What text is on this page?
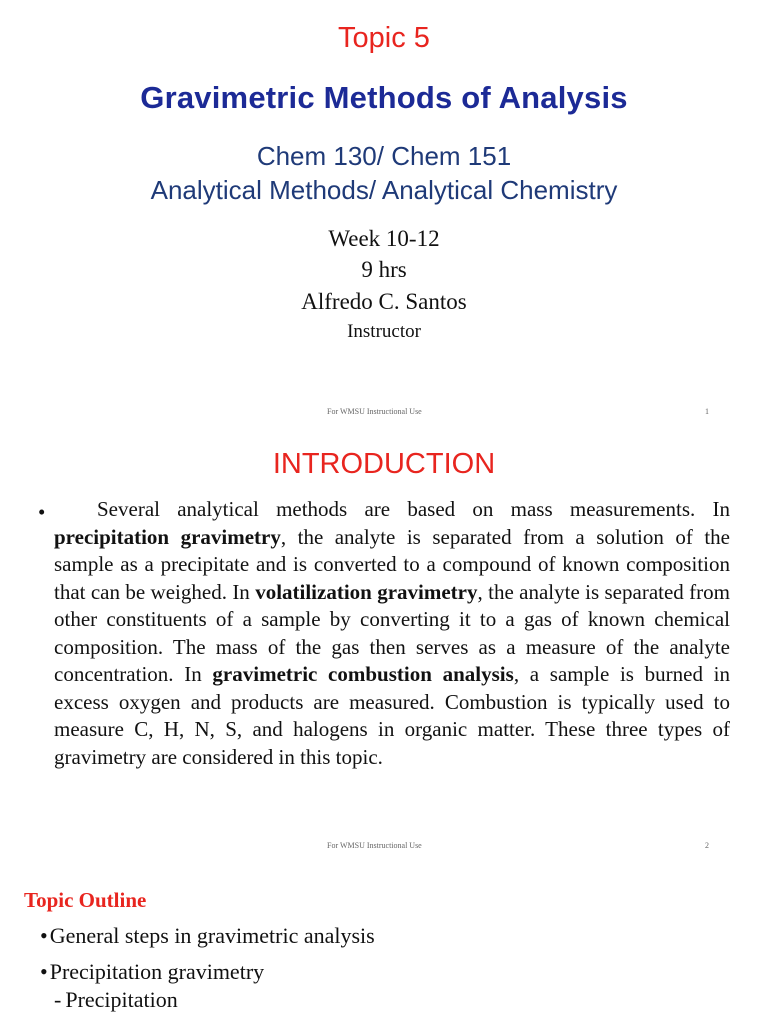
Topic 5
Gravimetric Methods of Analysis
Chem 130/ Chem 151
Analytical Methods/ Analytical Chemistry
Week 10-12
9 hrs
Alfredo C. Santos
Instructor
For WMSU Instructional Use	1
INTRODUCTION
•	Several analytical methods are based on mass measurements. In precipitation gravimetry, the analyte is separated from a solution of the sample as a precipitate and is converted to a compound of known composition that can be weighed. In volatilization gravimetry, the analyte is separated from other constituents of a sample by converting it to a gas of known chemical composition. The mass of the gas then serves as a measure of the analyte concentration. In gravimetric combustion analysis, a sample is burned in excess oxygen and products are measured. Combustion is typically used to measure C, H, N, S, and halogens in organic matter. These three types of gravimetry are considered in this topic.

For WMSU Instructional Use	2
Topic Outline
•General steps in gravimetric analysis
•Precipitation gravimetry
- Precipitation
